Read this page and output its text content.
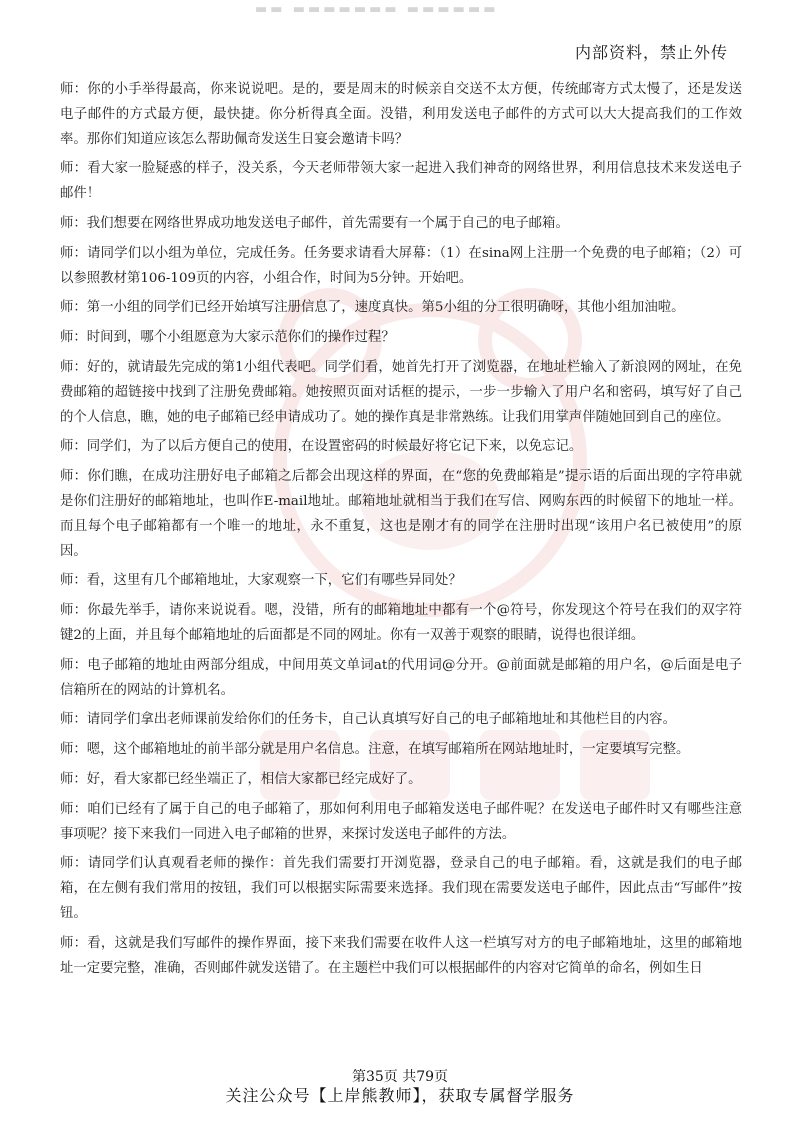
▬▬ ▬▬▬▬▬▬▬ ▬▬▬▬▬▬
内部资料，禁止外传

师：你的小手举得最高，你来说说吧。是的，要是周末的时候亲自交送不太方便，传统邮寄方式太慢了，还是发送电子邮件的方式最方便，最快捷。你分析得真全面。没错，利用发送电子邮件的方式可以大大提高我们的工作效率。那你们知道应该怎么帮助佩奇发送生日宴会邀请卡吗？

师：看大家一脸疑惑的样子，没关系，今天老师带领大家一起进入我们神奇的网络世界，利用信息技术来发送电子邮件！

师：我们想要在网络世界成功地发送电子邮件，首先需要有一个属于自己的电子邮箱。

师：请同学们以小组为单位，完成任务。任务要求请看大屏幕：（1）在sina网上注册一个免费的电子邮箱；（2）可以参照教材第106-109页的内容，小组合作，时间为5分钟。开始吧。

师：第一小组的同学们已经开始填写注册信息了，速度真快。第5小组的分工很明确呀，其他小组加油啦。

师：时间到，哪个小组愿意为大家示范你们的操作过程？

师：好的，就请最先完成的第1小组代表吧。同学们看，她首先打开了浏览器，在地址栏输入了新浪网的网址，在免费邮箱的超链接中找到了注册免费邮箱。她按照页面对话框的提示，一步一步输入了用户名和密码，填写好了自己的个人信息，瞧，她的电子邮箱已经申请成功了。她的操作真是非常熟练。让我们用掌声伴随她回到自己的座位。

师：同学们，为了以后方便自己的使用，在设置密码的时候最好将它记下来，以免忘记。

师：你们瞧，在成功注册好电子邮箱之后都会出现这样的界面，在“您的免费邮箱是”提示语的后面出现的字符串就是你们注册好的邮箱地址，也叫作E-mail地址。邮箱地址就相当于我们在写信、网购东西的时候留下的地址一样。而且每个电子邮箱都有一个唯一的地址，永不重复，这也是刚才有的同学在注册时出现“该用户名已被使用”的原因。

师：看，这里有几个邮箱地址，大家观察一下，它们有哪些异同处？

师：你最先举手，请你来说说看。嗯，没错，所有的邮箱地址中都有一个@符号，你发现这个符号在我们的双字符键2的上面，并且每个邮箱地址的后面都是不同的网址。你有一双善于观察的眼睛，说得也很详细。

师：电子邮箱的地址由两部分组成，中间用英文单词at的代用词@分开。@前面就是邮箱的用户名，@后面是电子信箱所在的网站的计算机名。

师：请同学们拿出老师课前发给你们的任务卡，自己认真填写好自己的电子邮箱地址和其他栏目的内容。

师：嗯，这个邮箱地址的前半部分就是用户名信息。注意，在填写邮箱所在网站地址时，一定要填写完整。

师：好，看大家都已经坐端正了，相信大家都已经完成好了。

师：咱们已经有了属于自己的电子邮箱了，那如何利用电子邮箱发送电子邮件呢？在发送电子邮件时又有哪些注意事项呢？接下来我们一同进入电子邮箱的世界，来探讨发送电子邮件的方法。

师：请同学们认真观看老师的操作：首先我们需要打开浏览器，登录自己的电子邮箱。看，这就是我们的电子邮箱，在左侧有我们常用的按钮，我们可以根据实际需要来选择。我们现在需要发送电子邮件，因此点击“写邮件”按钮。

师：看，这就是我们写邮件的操作界面，接下来我们需要在收件人这一栏填写对方的电子邮箱地址，这里的邮箱地址一定要完整，准确，否则邮件就发送错了。在主题栏中我们可以根据邮件的内容对它简单的命名，例如生日

第35页 共79页
关注公众号【上岸熊教师】，获取专属督学服务
